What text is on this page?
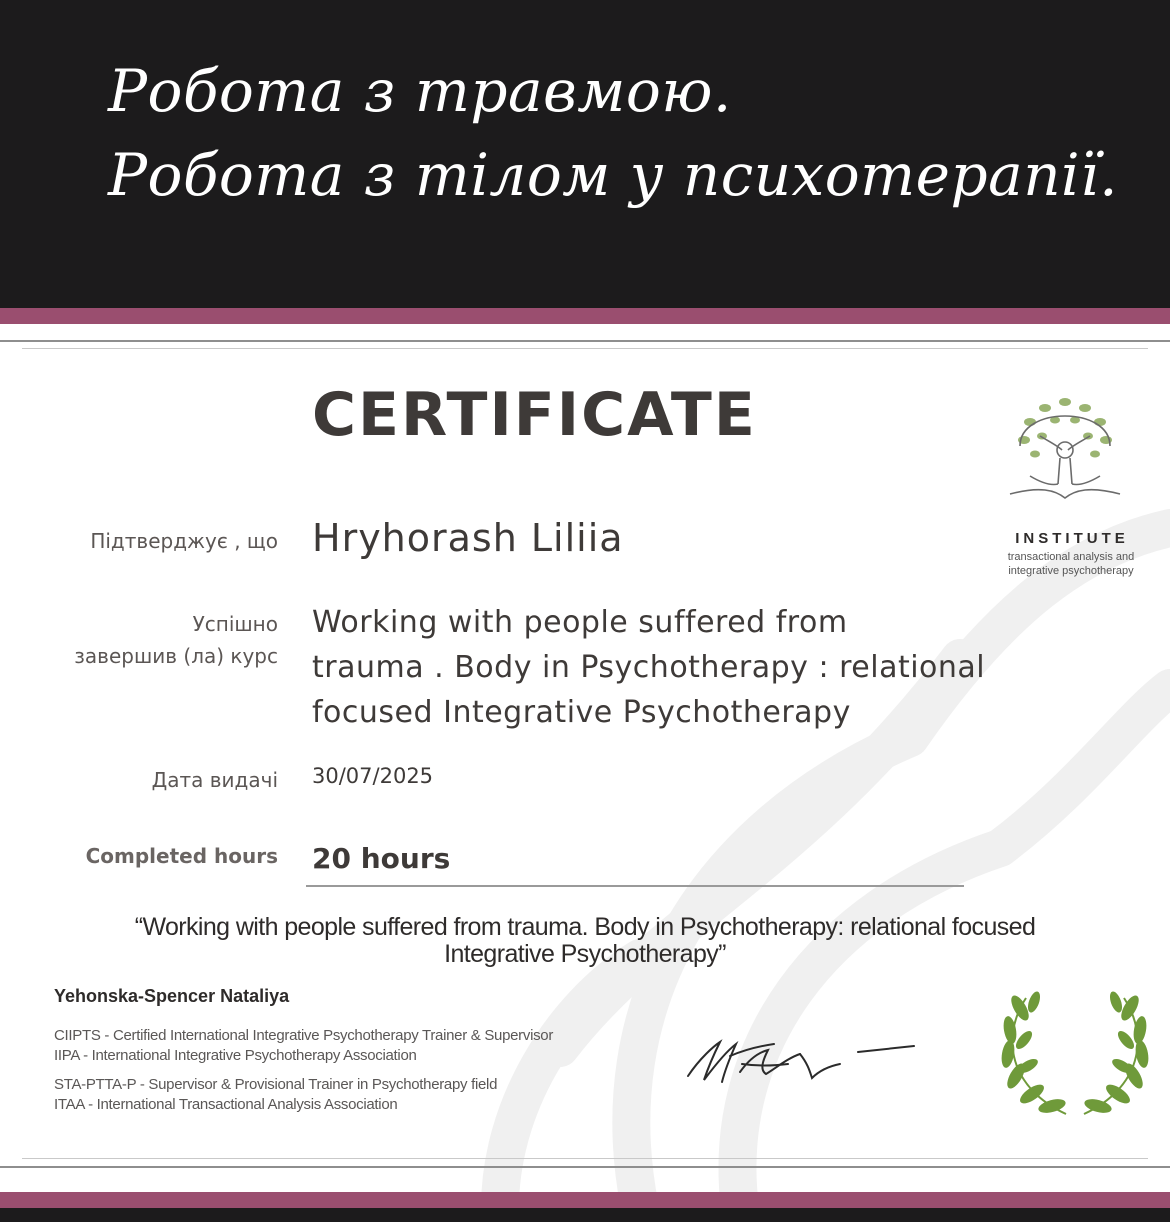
Робота з травмою.
Робота з тілом у психотерапії.
CERTIFICATE
INSTITUTE
transactional analysis and
integrative psychotherapy
Підтверджує , що Hryhorash Liliia
Успішно
завершив (ла) курс
Working with people suffered from
trauma . Body in Psychotherapy : relational
focused Integrative Psychotherapy
Дата видачі 30/07/2025
Completed hours 20 hours
“Working with people suffered from trauma. Body in Psychotherapy: relational focused
Integrative Psychotherapy”
Yehonska-Spencer Nataliya
CIIPTS - Certified International Integrative Psychotherapy Trainer & Supervisor
IIPA - International Integrative Psychotherapy Association
STA-PTTA-P - Supervisor & Provisional Trainer in Psychotherapy field
ITAA - International Transactional Analysis Association
